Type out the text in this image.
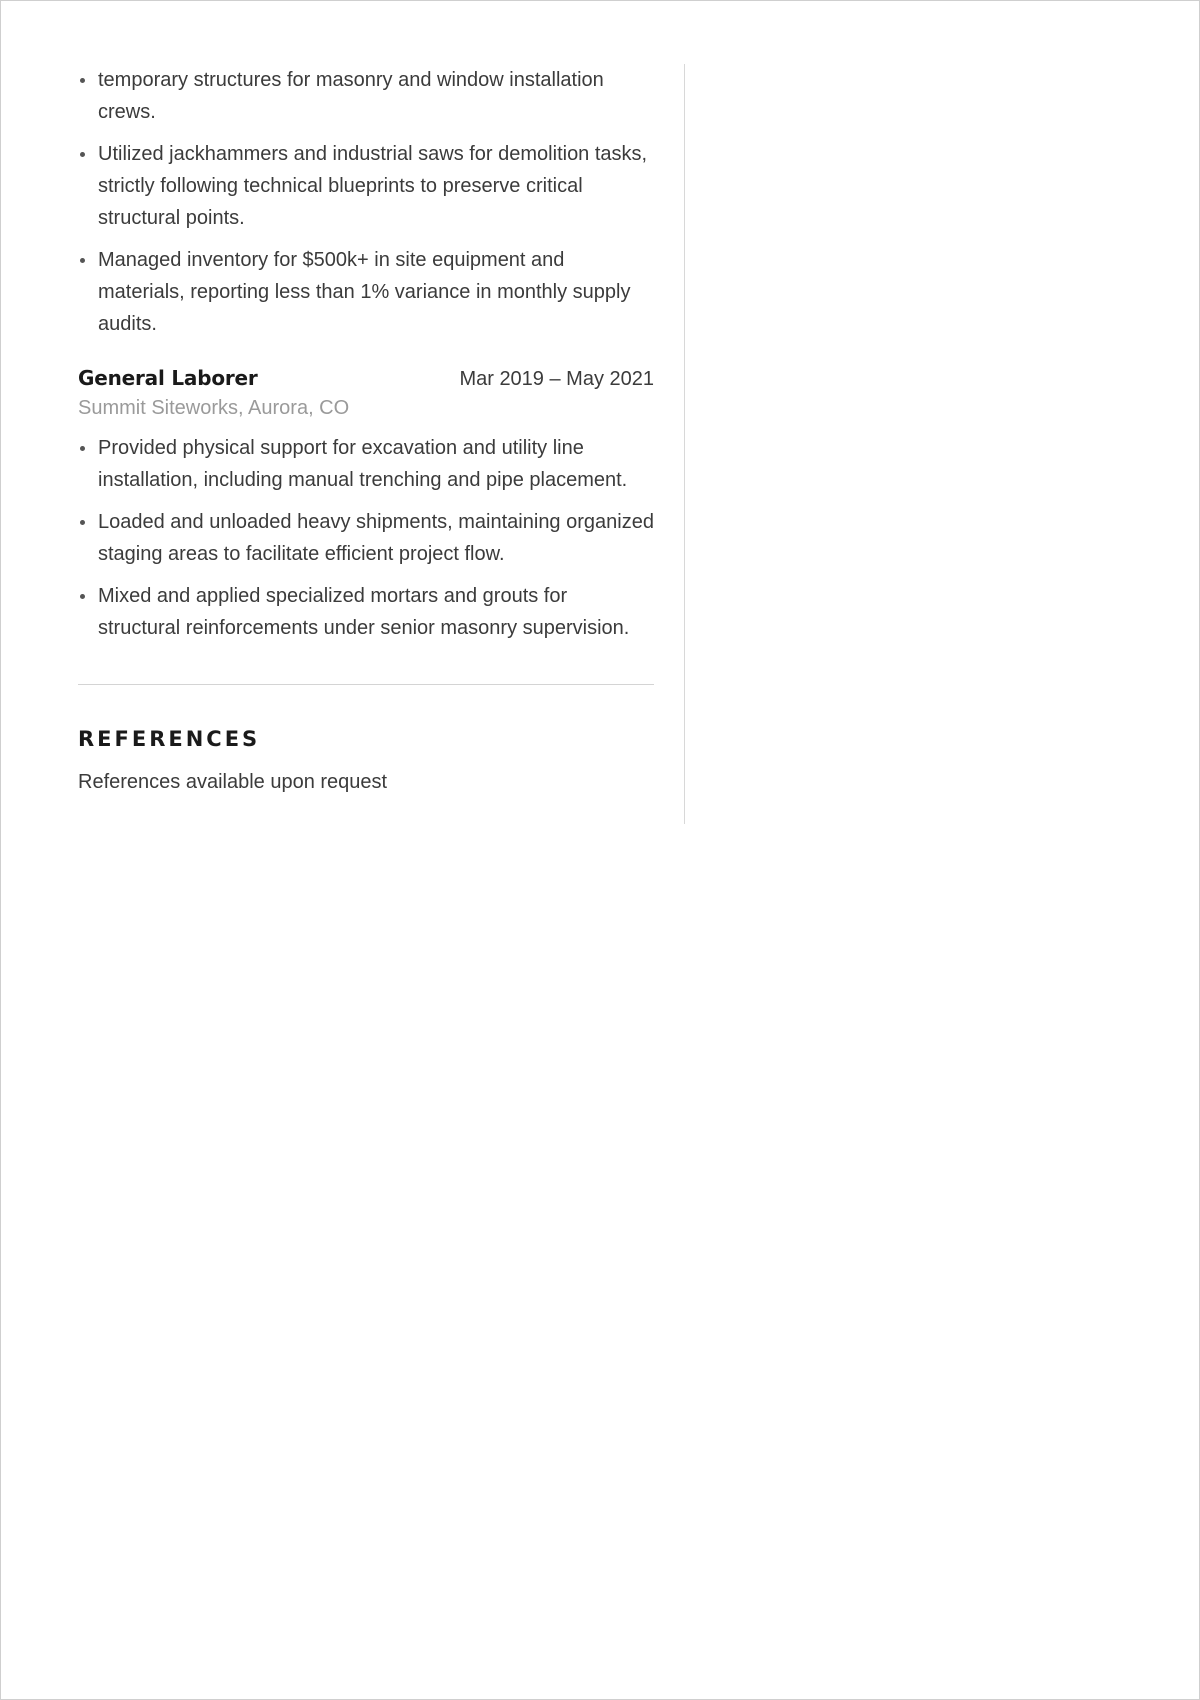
temporary structures for masonry and window installation crews.
Utilized jackhammers and industrial saws for demolition tasks, strictly following technical blueprints to preserve critical structural points.
Managed inventory for $500k+ in site equipment and materials, reporting less than 1% variance in monthly supply audits.
General Laborer	Mar 2019 – May 2021
Summit Siteworks, Aurora, CO
Provided physical support for excavation and utility line installation, including manual trenching and pipe placement.
Loaded and unloaded heavy shipments, maintaining organized staging areas to facilitate efficient project flow.
Mixed and applied specialized mortars and grouts for structural reinforcements under senior masonry supervision.
REFERENCES
References available upon request
